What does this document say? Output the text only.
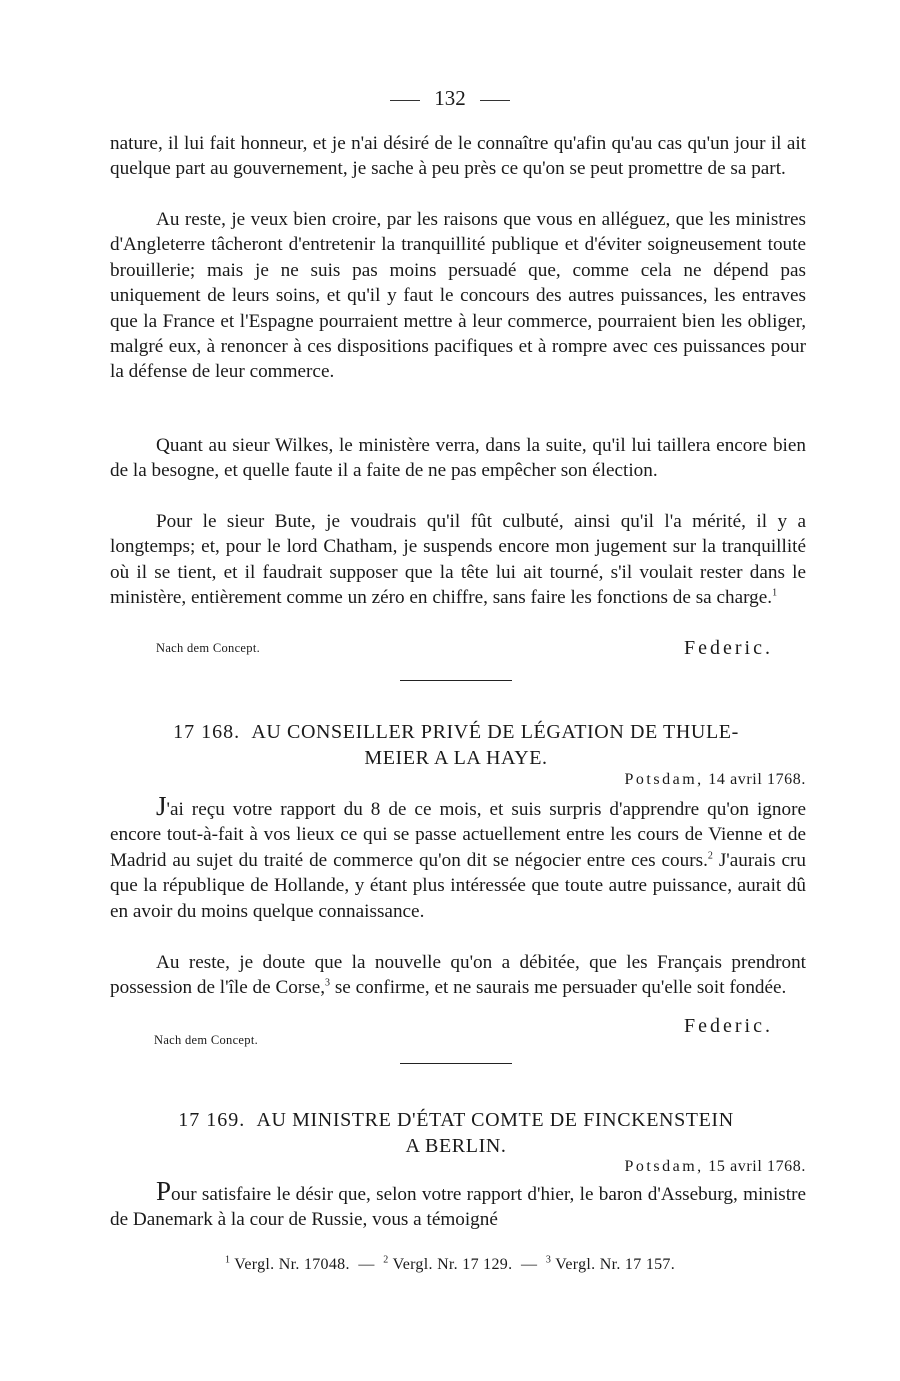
132

nature, il lui fait honneur, et je n'ai désiré de le connaître qu'afin qu'au cas qu'un jour il ait quelque part au gouvernement, je sache à peu près ce qu'on se peut promettre de sa part.

Au reste, je veux bien croire, par les raisons que vous en alléguez, que les ministres d'Angleterre tâcheront d'entretenir la tranquillité publique et d'éviter soigneusement toute brouillerie; mais je ne suis pas moins persuadé que, comme cela ne dépend pas uniquement de leurs soins, et qu'il y faut le concours des autres puissances, les entraves que la France et l'Espagne pourraient mettre à leur commerce, pourraient bien les obliger, malgré eux, à renoncer à ces dispositions pacifiques et à rompre avec ces puissances pour la défense de leur commerce.

Quant au sieur Wilkes, le ministère verra, dans la suite, qu'il lui taillera encore bien de la besogne, et quelle faute il a faite de ne pas empêcher son élection.

Pour le sieur Bute, je voudrais qu'il fût culbuté, ainsi qu'il l'a mérité, il y a longtemps; et, pour le lord Chatham, je suspends encore mon jugement sur la tranquillité où il se tient, et il faudrait supposer que la tête lui ait tourné, s'il voulait rester dans le ministère, entièrement comme un zéro en chiffre, sans faire les fonctions de sa charge.$^1$

Nach dem Concept.	Federic.
17 168. AU CONSEILLER PRIVÉ DE LÉGATION DE THULE-
MEIER A LA HAYE.
Potsdam, 14 avril 1768.

J'ai reçu votre rapport du 8 de ce mois, et suis surpris d'apprendre qu'on ignore encore tout-à-fait à vos lieux ce qui se passe actuellement entre les cours de Vienne et de Madrid au sujet du traité de commerce qu'on dit se négocier entre ces cours.$^2$ J'aurais cru que la république de Hollande, y étant plus intéressée que toute autre puissance, aurait dû en avoir du moins quelque connaissance.

Au reste, je doute que la nouvelle qu'on a débitée, que les Français prendront possession de l'île de Corse,$^3$ se confirme, et ne saurais me persuader qu'elle soit fondée.

Nach dem Concept.
Federic.
17 169. AU MINISTRE D'ÉTAT COMTE DE FINCKENSTEIN
A BERLIN.
Potsdam, 15 avril 1768.

Pour satisfaire le désir que, selon votre rapport d'hier, le baron d'Asseburg, ministre de Danemark à la cour de Russie, vous a témoigné

$^1$ Vergl. Nr. 17048. — $^2$ Vergl. Nr. 17 129. — $^3$ Vergl. Nr. 17 157.
